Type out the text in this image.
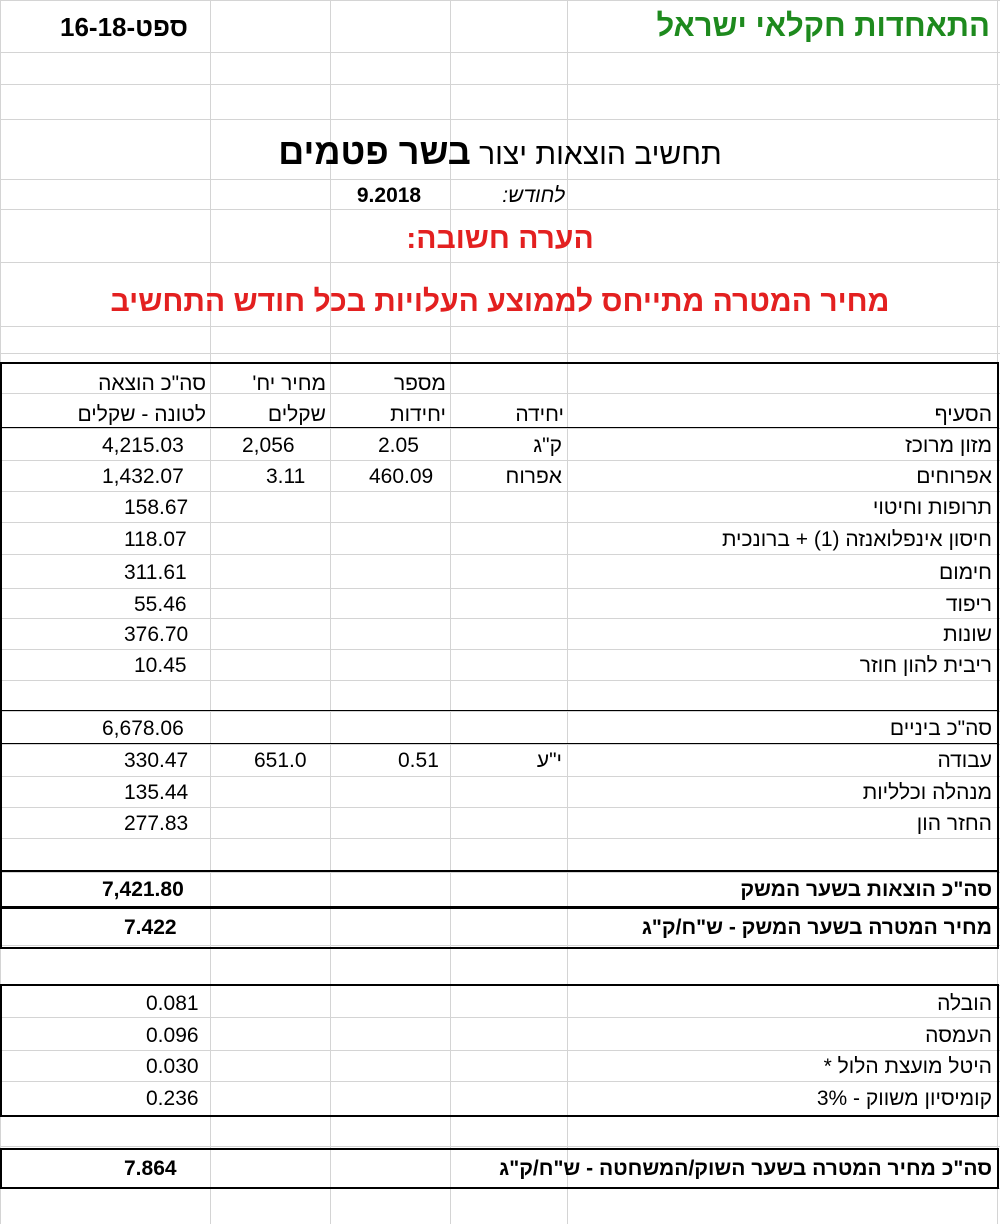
התאחדות חקלאי ישראל
16-ספט-18
תחשיב הוצאות יצור בשר פטמים
לחודש:
9.2018
הערה חשובה:
מחיר המטרה מתייחס לממוצע העלויות בכל חודש התחשיב
הסעיף
יחידה
מספר
יחידות
מחיר יח'
שקלים
סה"כ הוצאה
לטונה - שקלים
מזון מרוכז
ק"ג
2.05
2,056
4,215.03
אפרוחים
אפרוח
460.09
3.11
1,432.07
תרופות וחיטוי
158.67
חיסון אינפלואנזה (1) + ברונכית
118.07
חימום
311.61
ריפוד
55.46
שונות
376.70
ריבית להון חוזר
10.45
סה"כ ביניים
6,678.06
עבודה
י"ע
0.51
651.0
330.47
מנהלה וכלליות
135.44
החזר הון
277.83
סה"כ הוצאות בשער המשק
7,421.80
מחיר המטרה בשער המשק - ש"ח/ק"ג
7.422
הובלה
0.081
העמסה
0.096
היטל מועצת הלול *
0.030
קומיסיון משווק - 3%
0.236
סה"כ מחיר המטרה בשער השוק/המשחטה - ש"ח/ק"ג
7.864
